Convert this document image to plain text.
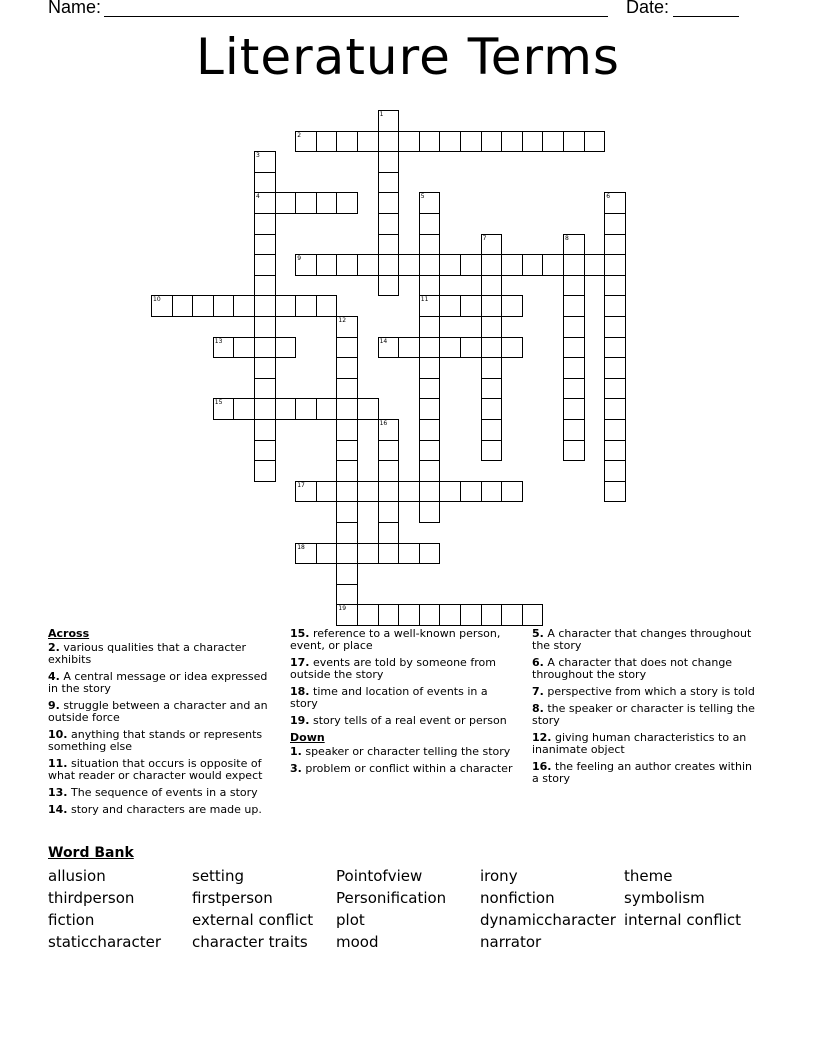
Name:	Date:
Literature Terms
2
4
9
10	11
13	14
15
17
18
19
1
3
5	6
7	8
12
16
Across
2. various qualities that a character exhibits
4. A central message or idea expressed in the story
9. struggle between a character and an outside force
10. anything that stands or represents something else
11. situation that occurs is opposite of what reader or character would expect
13. The sequence of events in a story
14. story and characters are made up.
15. reference to a well-known person, event, or place
17. events are told by someone from outside the story
18. time and location of events in a story
19. story tells of a real event or person
Down
1. speaker or character telling the story
3. problem or conflict within a character
5. A character that changes throughout the story
6. A character that does not change throughout the story
7. perspective from which a story is told
8. the speaker or character is telling the story
12. giving human characteristics to an inanimate object
16. the feeling an author creates within a story
Word Bank
allusion	setting	Pointofview	irony	theme
thirdperson	firstperson	Personification	nonfiction	symbolism
fiction	external conflict	plot	dynamiccharacter internal conflict
staticcharacter	character traits	mood	narrator
